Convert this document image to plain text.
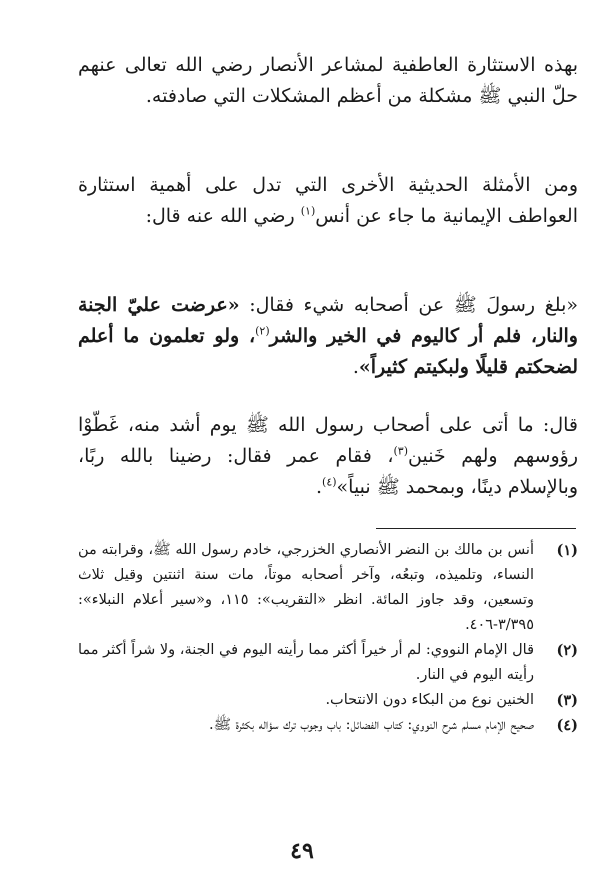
بهذه الاستثارة العاطفية لمشاعر الأنصار رضي الله تعالى عنهم حلّ النبي ﷺ مشكلة من أعظم المشكلات التي صادفته.

ومن الأمثلة الحديثية الأخرى التي تدل على أهمية استثارة العواطف الإيمانية ما جاء عن أنس$^{(١)}$ رضي الله عنه قال:

«بلغ رسولَ ﷺ عن أصحابه شيء فقال: «عرضت عليّ الجنة والنار، فلم أر كاليوم في الخير والشر$^{(٢)}$، ولو تعلمون ما أعلم لضحكتم قليلًا ولبكيتم كثيراً».

قال: ما أتى على أصحاب رسول الله ﷺ يوم أشد منه، غَطّوْا رؤوسهم ولهم خَنين$^{(٣)}$، فقام عمر فقال: رضينا بالله ربًا، وبالإسلام دينًا، وبمحمد ﷺ نبياً»$^{(٤)}$.

(١)
أنس بن مالك بن النضر الأنصاري الخزرجي، خادم رسول الله ﷺ، وقرابته من النساء، وتلميذه، وتبعُه، وآخر أصحابه موتاً، مات سنة اثنتين وقيل ثلاث وتسعين، وقد جاوز المائة. انظر «التقريب»: ١١٥، و«سير أعلام النبلاء»: ٣/٣٩٥-٤٠٦.
(٢)
قال الإمام النووي: لم أر خيراً أكثر مما رأيته اليوم في الجنة، ولا شراً أكثر مما رأيته اليوم في النار.
(٣)
الخنين نوع من البكاء دون الانتحاب.
(٤)
صحيح الإمام مسلم شرح النووي: كتاب الفضائل: باب وجوب ترك سؤاله بكثرة ﷺ.
٤٩
